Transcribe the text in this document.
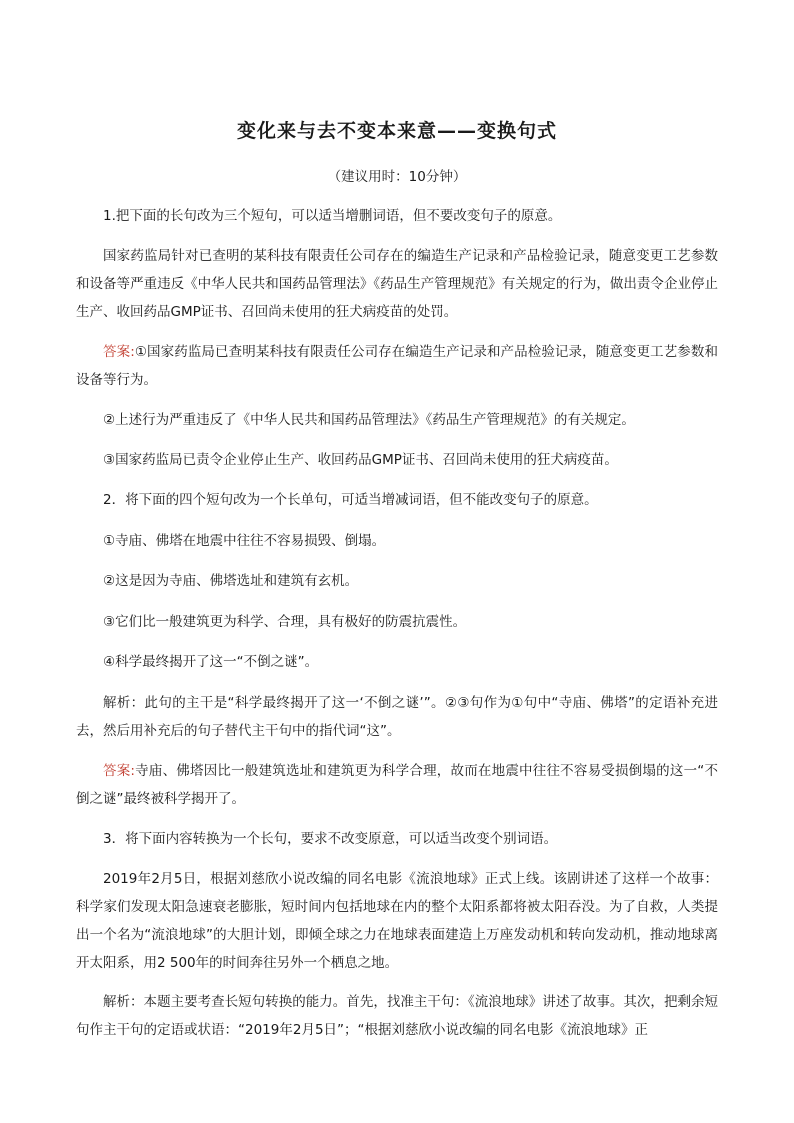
变化来与去不变本来意——变换句式
（建议用时：10分钟）

1.把下面的长句改为三个短句，可以适当增删词语，但不要改变句子的原意。

国家药监局针对已查明的某科技有限责任公司存在的编造生产记录和产品检验记录，随意变更工艺参数和设备等严重违反《中华人民共和国药品管理法》《药品生产管理规范》有关规定的行为，做出责令企业停止生产、收回药品GMP证书、召回尚未使用的狂犬病疫苗的处罚。

答案:①国家药监局已查明某科技有限责任公司存在编造生产记录和产品检验记录，随意变更工艺参数和设备等行为。

②上述行为严重违反了《中华人民共和国药品管理法》《药品生产管理规范》的有关规定。

③国家药监局已责令企业停止生产、收回药品GMP证书、召回尚未使用的狂犬病疫苗。

2．将下面的四个短句改为一个长单句，可适当增减词语，但不能改变句子的原意。

①寺庙、佛塔在地震中往往不容易损毁、倒塌。

②这是因为寺庙、佛塔选址和建筑有玄机。

③它们比一般建筑更为科学、合理，具有极好的防震抗震性。

④科学最终揭开了这一“不倒之谜”。

解析：此句的主干是“科学最终揭开了这一‘不倒之谜’”。②③句作为①句中“寺庙、佛塔”的定语补充进去，然后用补充后的句子替代主干句中的指代词“这”。

答案:寺庙、佛塔因比一般建筑选址和建筑更为科学合理，故而在地震中往往不容易受损倒塌的这一“不倒之谜”最终被科学揭开了。

3．将下面内容转换为一个长句，要求不改变原意，可以适当改变个别词语。

2019年2月5日，根据刘慈欣小说改编的同名电影《流浪地球》正式上线。该剧讲述了这样一个故事：科学家们发现太阳急速衰老膨胀，短时间内包括地球在内的整个太阳系都将被太阳吞没。为了自救，人类提出一个名为“流浪地球”的大胆计划，即倾全球之力在地球表面建造上万座发动机和转向发动机，推动地球离开太阳系，用2 500年的时间奔往另外一个栖息之地。

解析：本题主要考查长短句转换的能力。首先，找准主干句：《流浪地球》讲述了故事。其次，把剩余短句作主干句的定语或状语：“2019年2月5日”；“根据刘慈欣小说改编的同名电影《流浪地球》正
